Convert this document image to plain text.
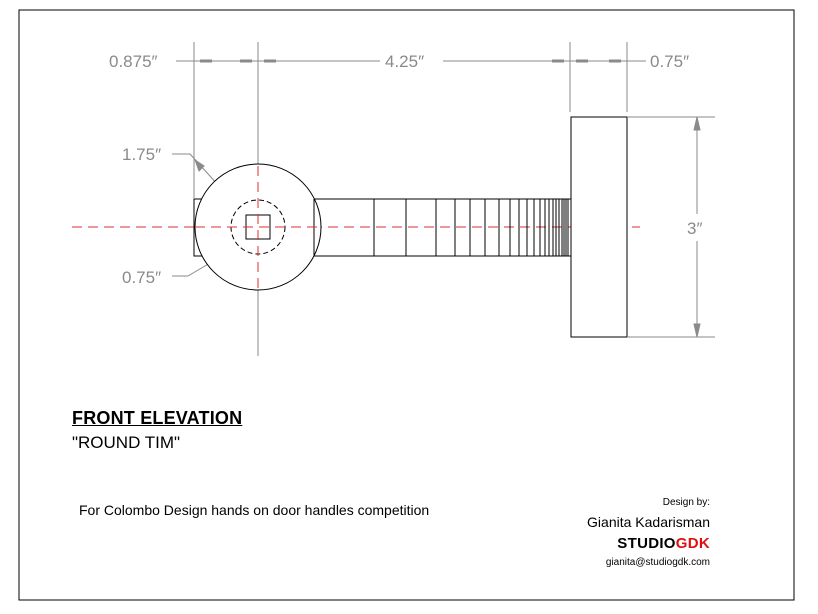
0.875″	4.25″	0.75″
3″
1.75″
0.75″
FRONT ELEVATION
"ROUND TIM"
For Colombo Design hands on door handles competition	Design by:
Gianita Kadarisman
STUDIOGDK
gianita@studiogdk.com
